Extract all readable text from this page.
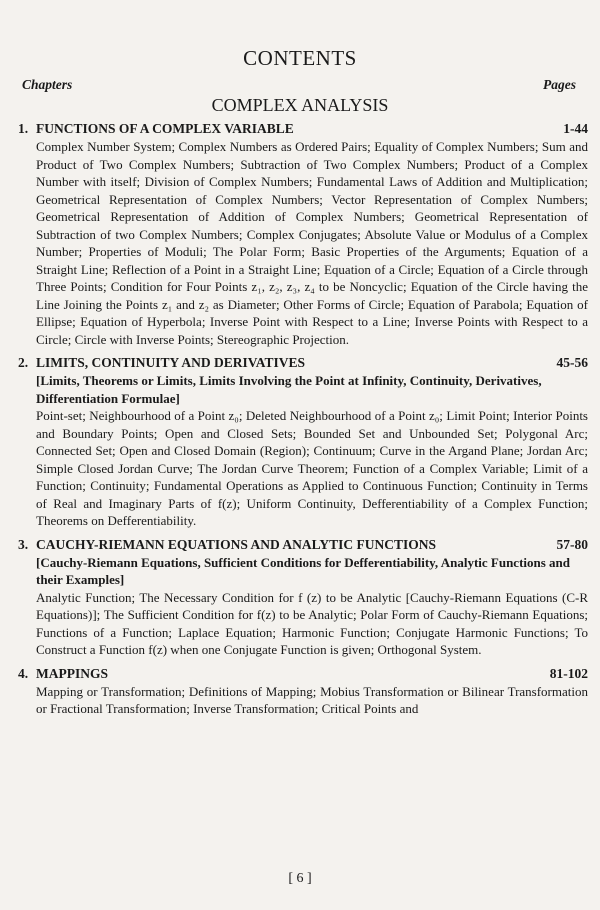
CONTENTS
Chapters	Pages
COMPLEX ANALYSIS
1. FUNCTIONS OF A COMPLEX VARIABLE	1-44
Complex Number System; Complex Numbers as Ordered Pairs; Equality of Complex Numbers; Sum and Product of Two Complex Numbers; Subtraction of Two Complex Numbers; Product of a Complex Number with itself; Division of Complex Numbers; Fundamental Laws of Addition and Multiplication; Geometrical Representation of Complex Numbers; Vector Representation of Complex Numbers; Geometrical Representation of Addition of Complex Numbers; Geometrical Representation of Subtraction of two Complex Numbers; Complex Conjugates; Absolute Value or Modulus of a Complex Number; Properties of Moduli; The Polar Form; Basic Properties of the Arguments; Equation of a Straight Line; Reflection of a Point in a Straight Line; Equation of a Circle; Equation of a Circle through Three Points; Condition for Four Points z₁, z₂, z₃, z₄ to be Noncyclic; Equation of the Circle having the Line Joining the Points z₁ and z₂ as Diameter; Other Forms of Circle; Equation of Parabola; Equation of Ellipse; Equation of Hyperbola; Inverse Point with Respect to a Line; Inverse Points with Respect to a Circle; Circle with Inverse Points; Stereographic Projection.
2. LIMITS, CONTINUITY AND DERIVATIVES	45-56
[Limits, Theorems or Limits, Limits Involving the Point at Infinity, Continuity, Derivatives, Differentiation Formulae]
Point-set; Neighbourhood of a Point z₀; Deleted Neighbourhood of a Point z₀; Limit Point; Interior Points and Boundary Points; Open and Closed Sets; Bounded Set and Unbounded Set; Polygonal Arc; Connected Set; Open and Closed Domain (Region); Continuum; Curve in the Argand Plane; Jordan Arc; Simple Closed Jordan Curve; The Jordan Curve Theorem; Function of a Complex Variable; Limit of a Function; Continuity; Fundamental Operations as Applied to Continuous Function; Continuity in Terms of Real and Imaginary Parts of f(z); Uniform Continuity, Defferentiability of a Complex Function; Theorems on Defferentiability.
3. CAUCHY-RIEMANN EQUATIONS AND ANALYTIC FUNCTIONS	57-80
[Cauchy-Riemann Equations, Sufficient Conditions for Defferentiability, Analytic Functions and their Examples]
Analytic Function; The Necessary Condition for f (z) to be Analytic [Cauchy-Riemann Equations (C-R Equations)]; The Sufficient Condition for f(z) to be Analytic; Polar Form of Cauchy-Riemann Equations; Functions of a Function; Laplace Equation; Harmonic Function; Conjugate Harmonic Functions; To Construct a Function f(z) when one Conjugate Function is given; Orthogonal System.
4. MAPPINGS	81-102
Mapping or Transformation; Definitions of Mapping; Mobius Transformation or Bilinear Transformation or Fractional Transformation; Inverse Transformation; Critical Points and
[ 6 ]
